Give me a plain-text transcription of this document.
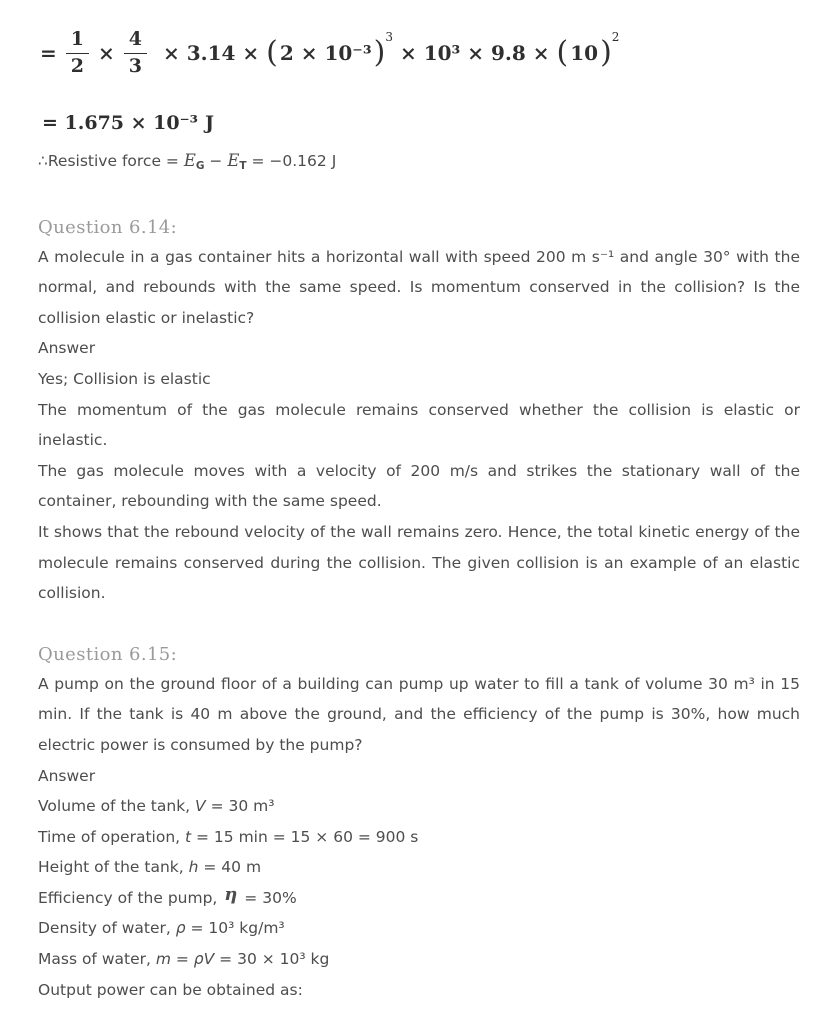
= $\frac{1}{2} \times \frac{4}{3} \times 3.14$ × ( 2 × 10⁻³ ) 3
× 10³ × 9.8 × ( 10 ) 2
= 1.675 × 10⁻³ J

∴Resistive force = $E_G - E_T = -0.162$ J

Question 6.14:

A molecule in a gas container hits a horizontal wall with speed 200 m s⁻¹ and angle 30° with the normal, and rebounds with the same speed. Is momentum conserved in the collision? Is the collision elastic or inelastic?

Answer

Yes; Collision is elastic

The momentum of the gas molecule remains conserved whether the collision is elastic or inelastic.

The gas molecule moves with a velocity of 200 m/s and strikes the stationary wall of the container, rebounding with the same speed.

It shows that the rebound velocity of the wall remains zero. Hence, the total kinetic energy of the molecule remains conserved during the collision. The given collision is an example of an elastic collision.

Question 6.15:

A pump on the ground floor of a building can pump up water to fill a tank of volume 30 m³ in 15 min. If the tank is 40 m above the ground, and the efficiency of the pump is 30%, how much electric power is consumed by the pump?

Answer

Volume of the tank, V = 30 m³

Time of operation, t = 15 min = 15 × 60 = 900 s

Height of the tank, h = 40 m

Efficiency of the pump, η = 30%

Density of water, ρ = 10³ kg/m³

Mass of water, m = ρV = 30 × 10³ kg

Output power can be obtained as:
